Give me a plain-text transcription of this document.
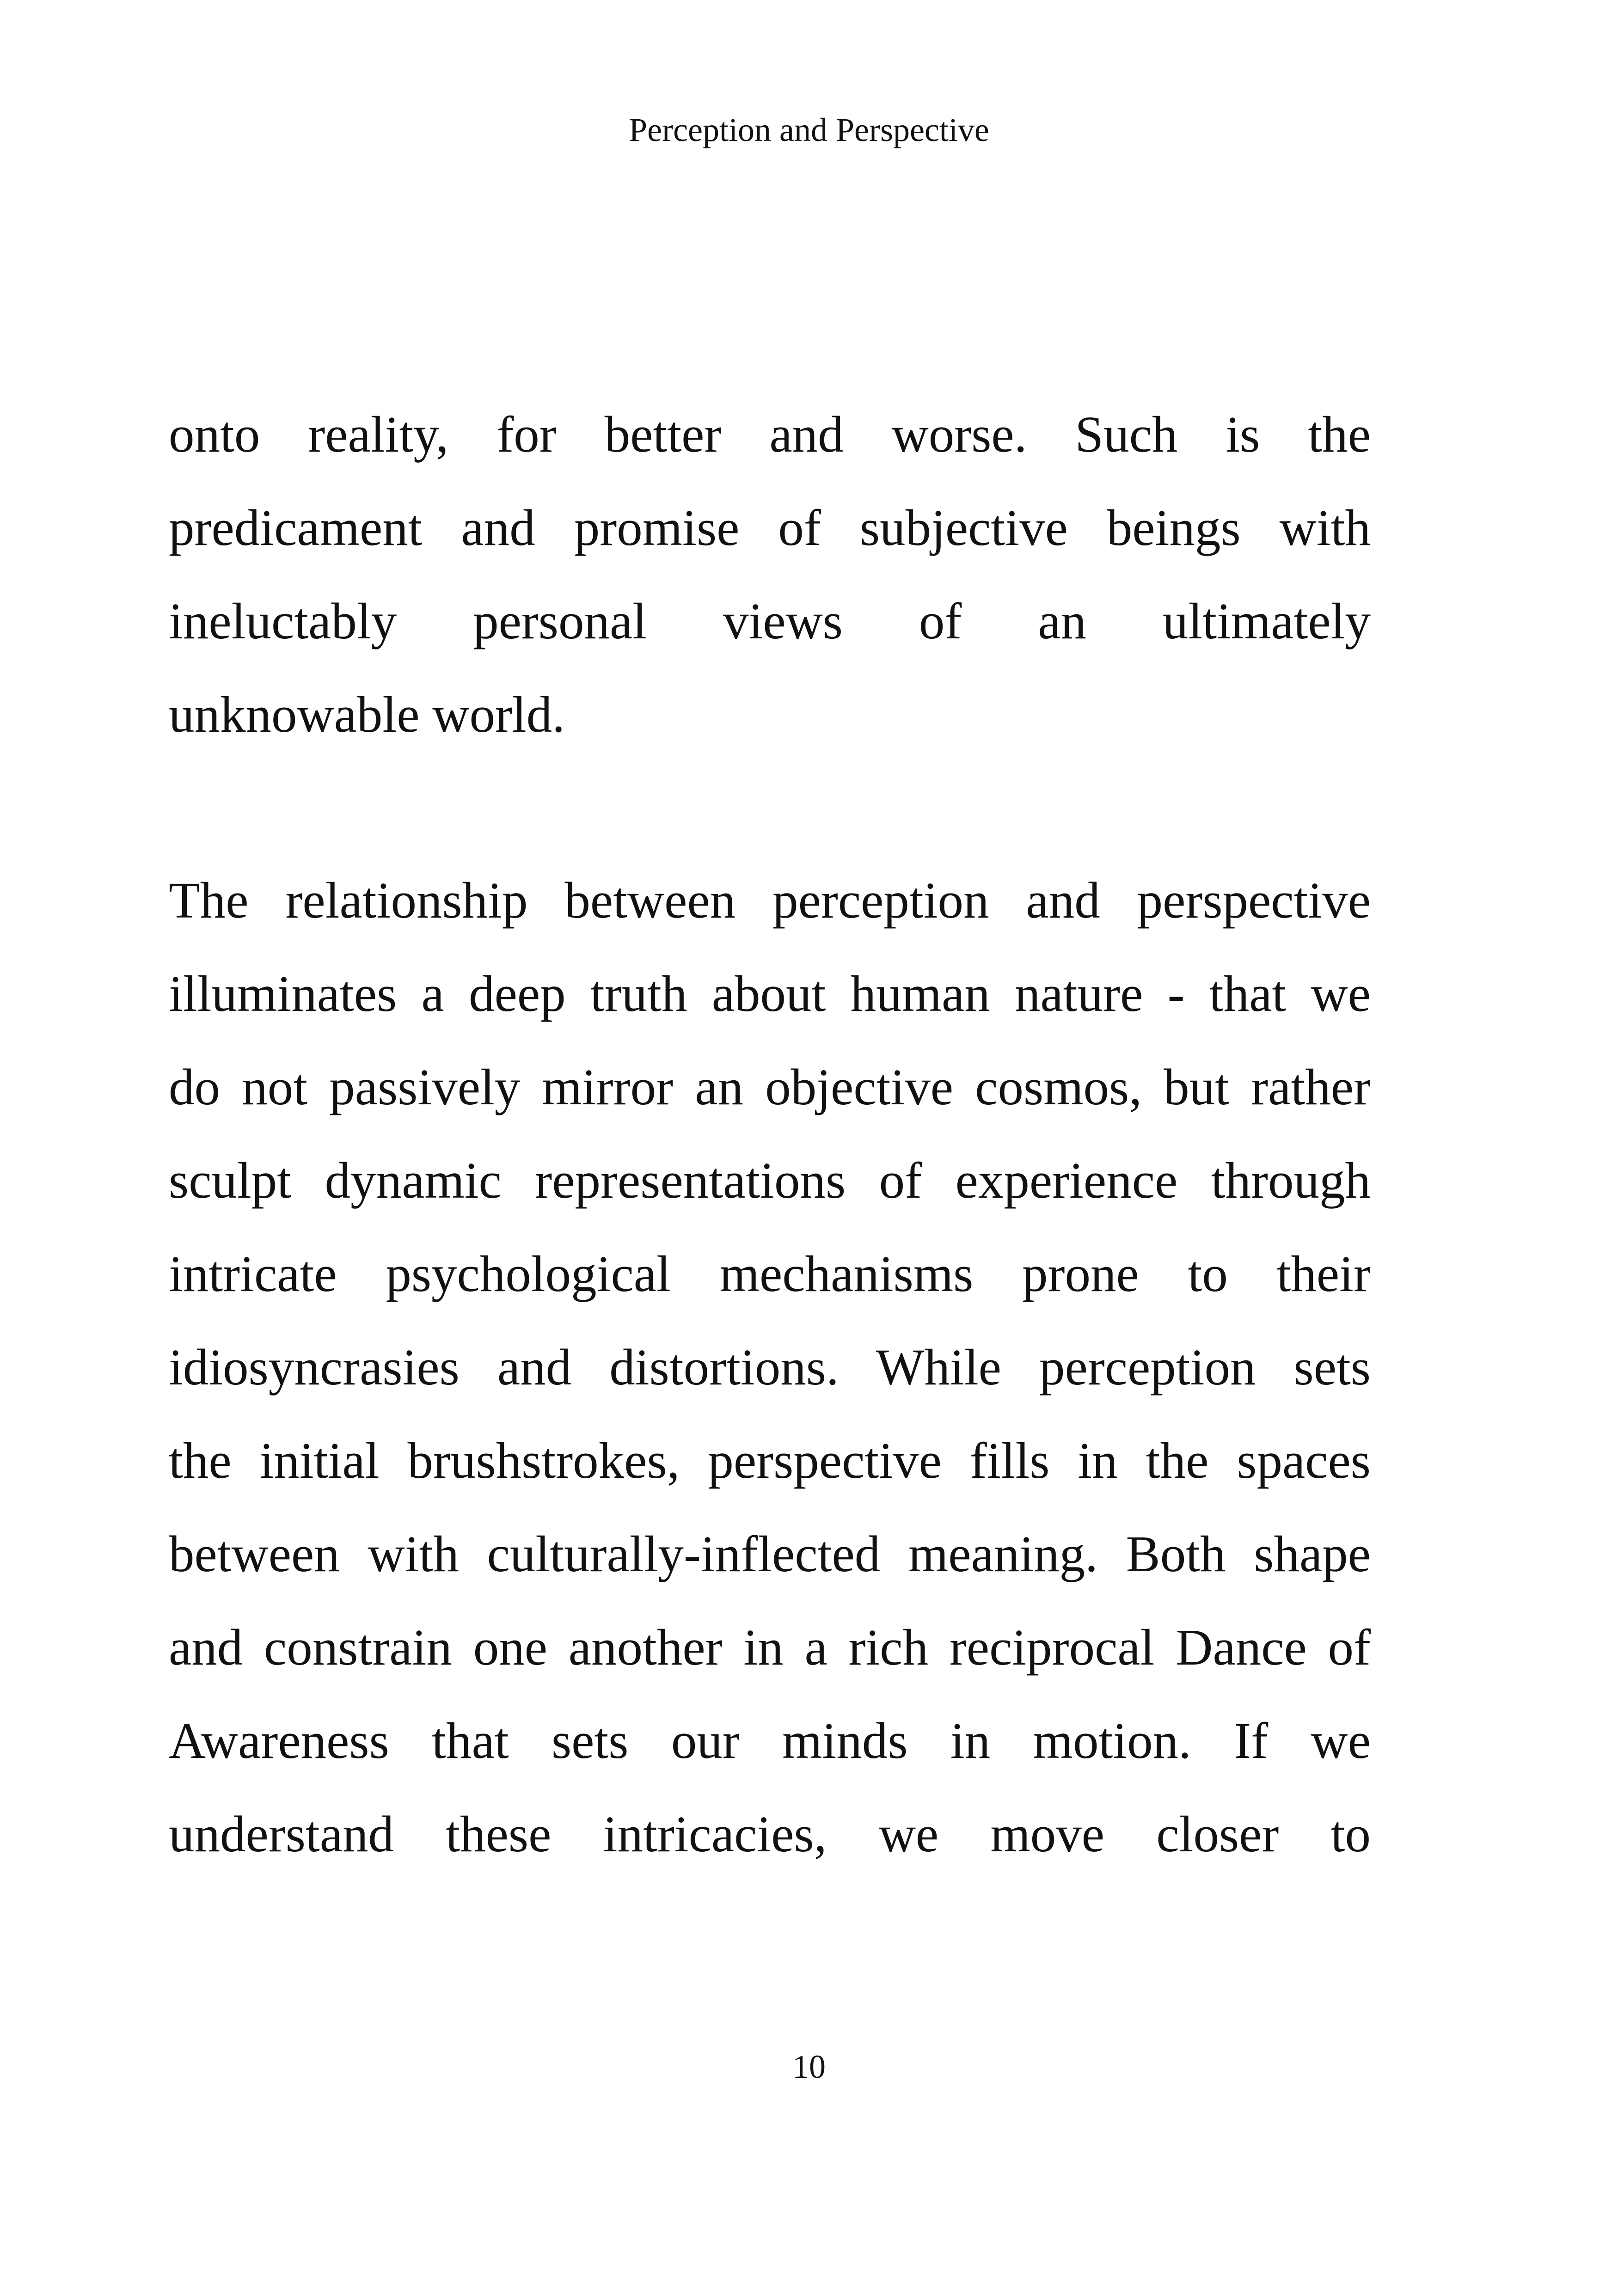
Perception and Perspective

onto reality, for better and worse. Such is the
predicament and promise of subjective beings with
ineluctably personal views of an ultimately
unknowable world.

The relationship between perception and perspective
illuminates a deep truth about human nature - that we
do not passively mirror an objective cosmos, but rather
sculpt dynamic representations of experience through
intricate psychological mechanisms prone to their
idiosyncrasies and distortions. While perception sets
the initial brushstrokes, perspective fills in the spaces
between with culturally-inflected meaning. Both shape
and constrain one another in a rich reciprocal Dance of
Awareness that sets our minds in motion. If we
understand these intricacies, we move closer to

10
